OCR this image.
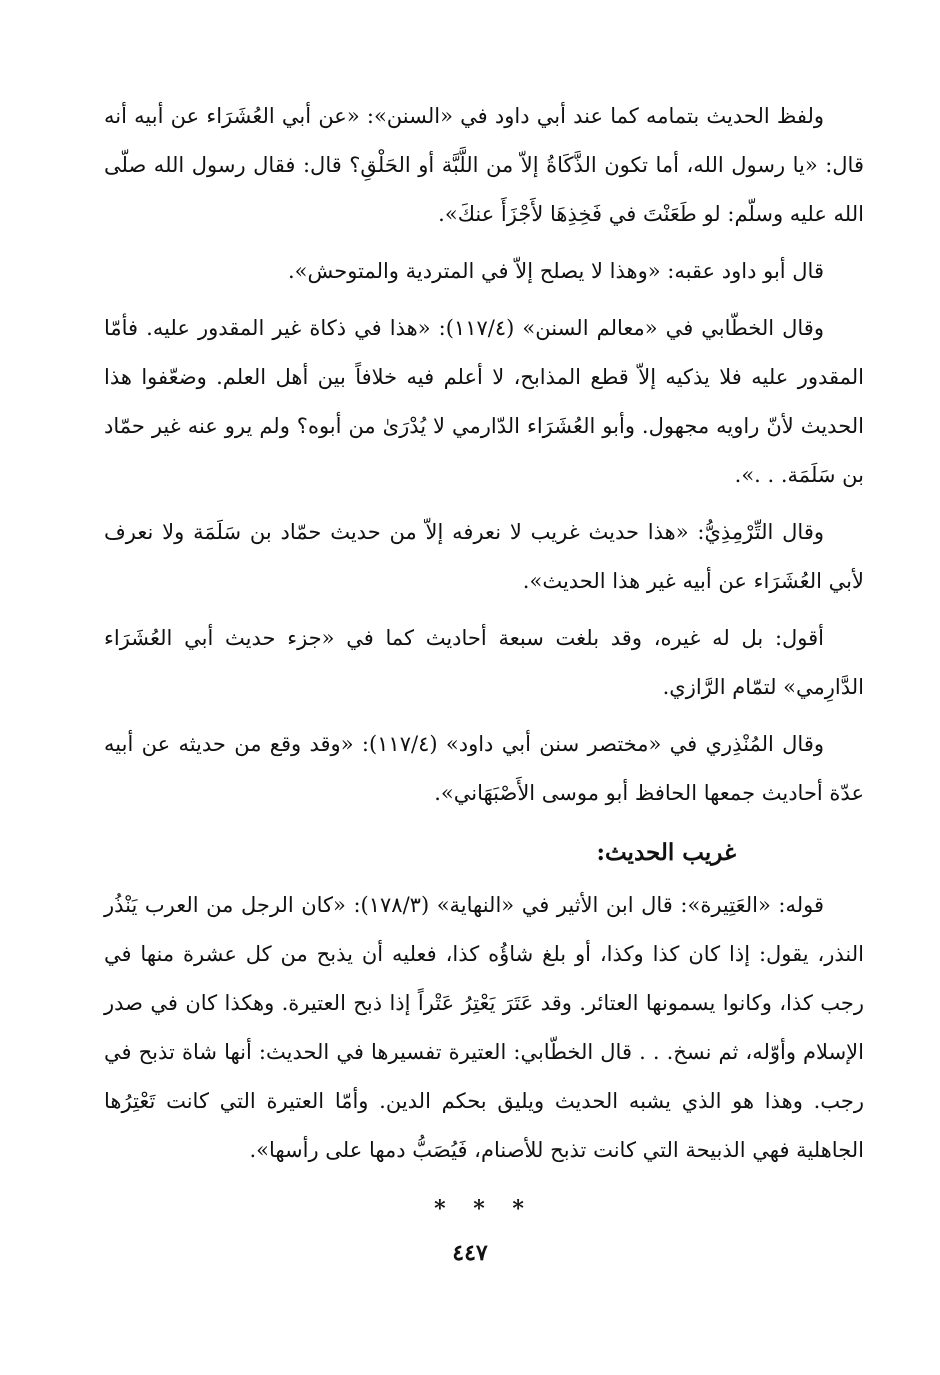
ولفظ الحديث بتمامه كما عند أبي داود في «السنن»: «عن أبي العُشَرَاء عن أبيه أنه قال: «يا رسول الله، أما تكون الذَّكَاةُ إلاّ من اللَّبَّة أو الحَلْقِ؟ قال: فقال رسول الله صلّى الله عليه وسلّم: لو طَعَنْتَ في فَخِذِهَا لأَجْزَأَ عنكَ».

قال أبو داود عقبه: «وهذا لا يصلح إلاّ في المتردية والمتوحش».

وقال الخطّابي في «معالم السنن» (١١٧/٤): «هذا في ذكاة غير المقدور عليه. فأمّا المقدور عليه فلا يذكيه إلاّ قطع المذابح، لا أعلم فيه خلافاً بين أهل العلم. وضعّفوا هذا الحديث لأنّ راويه مجهول. وأبو العُشَرَاء الدّارمي لا يُدْرَىٰ من أبوه؟ ولم يرو عنه غير حمّاد بن سَلَمَة. . .».

وقال التِّرْمِذِيُّ: «هذا حديث غريب لا نعرفه إلاّ من حديث حمّاد بن سَلَمَة ولا نعرف لأبي العُشَرَاء عن أبيه غير هذا الحديث».

أقول: بل له غيره، وقد بلغت سبعة أحاديث كما في «جزء حديث أبي العُشَرَاء الدَّارِمي» لتمّام الرَّازي.

وقال المُنْذِري في «مختصر سنن أبي داود» (١١٧/٤): «وقد وقع من حديثه عن أبيه عدّة أحاديث جمعها الحافظ أبو موسى الأَصْبَهَاني».

غريب الحديث:

قوله: «العَتِيرة»: قال ابن الأثير في «النهاية» (١٧٨/٣): «كان الرجل من العرب يَنْذُر النذر، يقول: إذا كان كذا وكذا، أو بلغ شاؤُه كذا، فعليه أن يذبح من كل عشرة منها في رجب كذا، وكانوا يسمونها العتائر. وقد عَتَرَ يَعْتِرُ عَتْراً إذا ذبح العتيرة. وهكذا كان في صدر الإسلام وأوّله، ثم نسخ. . . قال الخطّابي: العتيرة تفسيرها في الحديث: أنها شاة تذبح في رجب. وهذا هو الذي يشبه الحديث ويليق بحكم الدين. وأمّا العتيرة التي كانت تَعْتِرُها الجاهلية فهي الذبيحة التي كانت تذبح للأصنام، فَيُصَبُّ دمها على رأسها».

* * *
٤٤٧
